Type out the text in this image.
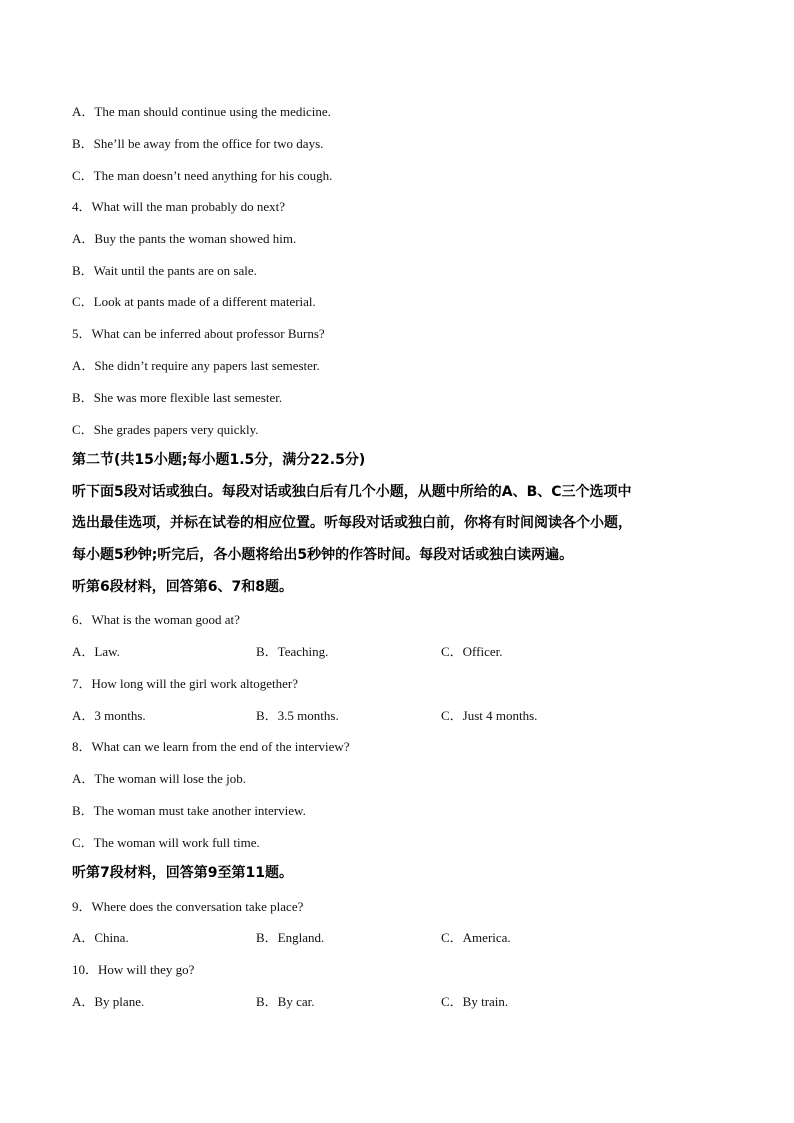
A．The man should continue using the medicine.
B．She’ll be away from the office for two days.
C．The man doesn’t need anything for his cough.
4．What will the man probably do next?
A．Buy the pants the woman showed him.
B．Wait until the pants are on sale.
C．Look at pants made of a different material.
5．What can be inferred about professor Burns?
A．She didn’t require any papers last semester.
B．She was more flexible last semester.
C．She grades papers very quickly.
第二节(共15小题;每小题1.5分，满分22.5分)
听下面5段对话或独白。每段对话或独白后有几个小题，从题中所给的A、B、C三个选项中
选出最佳选项，并标在试卷的相应位置。听每段对话或独白前，你将有时间阅读各个小题，
每小题5秒钟;听完后，各小题将给出5秒钟的作答时间。每段对话或独白读两遍。
听第6段材料，回答第6、7和8题。
6．What is the woman good at?
A．Law.	B．Teaching.	C．Officer.
7．How long will the girl work altogether?
A．3 months.	B．3.5 months.	C．Just 4 months.
8．What can we learn from the end of the interview?
A．The woman will lose the job.
B．The woman must take another interview.
C．The woman will work full time.
听第7段材料，回答第9至第11题。
9．Where does the conversation take place?
A．China.	B．England.	C．America.
10．How will they go?
A．By plane.	B．By car.	C．By train.
